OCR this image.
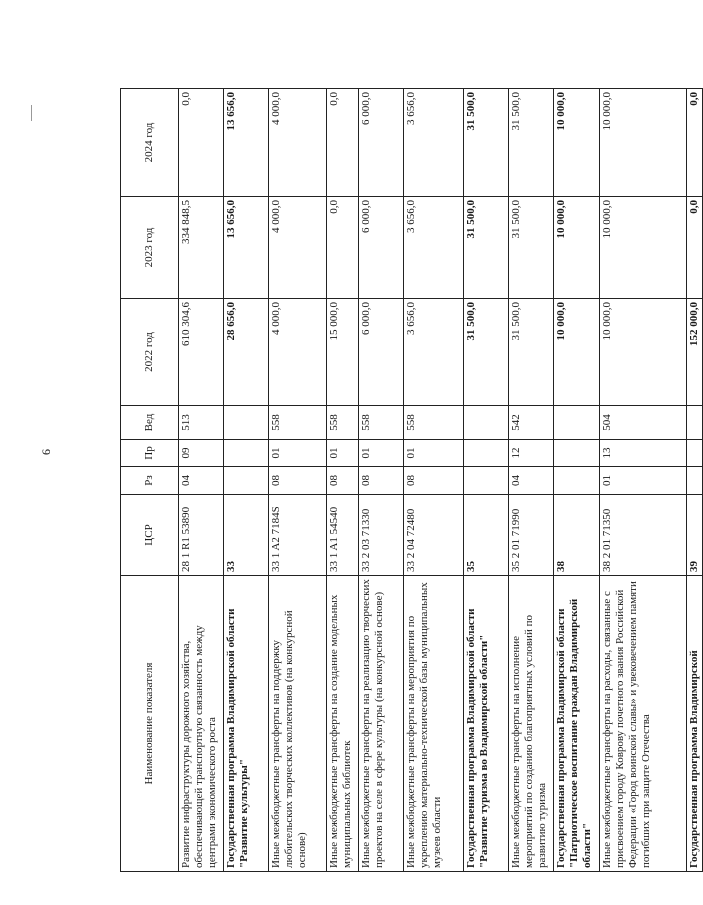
9
Наименование показателя	ЦСР	Рз	Пр	Вед	2022 год	2023 год	2024 год
Развитие инфраструктуры дорожного хозяйства, обеспечивающей транспортную связанность между центрами экономического роста	28 1 R1 53890	04	09	513	610 304,6	334 848,5	0,0
Государственная программа Владимирской области "Развитие культуры"	33				28 656,0	13 656,0	13 656,0
Иные межбюджетные трансферты на поддержку любительских творческих коллективов (на конкурсной основе)	33 1 A2 7184S	08	01	558	4 000,0	4 000,0	4 000,0
Иные межбюджетные трансферты на создание модельных муниципальных библиотек	33 1 A1 54540	08	01	558	15 000,0	0,0	0,0
Иные межбюджетные трансферты на реализацию творческих проектов на селе в сфере культуры (на конкурсной основе)	33 2 03 71330	08	01	558	6 000,0	6 000,0	6 000,0
Иные межбюджетные трансферты на мероприятия по укреплению материально-технической базы муниципальных музеев области	33 2 04 72480	08	01	558	3 656,0	3 656,0	3 656,0
Государственная программа Владимирской области "Развитие туризма во Владимирской области"	35				31 500,0	31 500,0	31 500,0
Иные межбюджетные трансферты на исполнение мероприятий по созданию благоприятных условий по развитию туризма	35 2 01 71990	04	12	542	31 500,0	31 500,0	31 500,0
Государственная программа Владимирской области "Патриотическое воспитание граждан Владимирской области"	38				10 000,0	10 000,0	10 000,0
Иные межбюджетные трансферты на расходы, связанные с присвоением городу Коврову почетного звания Российской Федерации «Город воинской славы» и увековечением памяти погибших при защите Отечества	38 2 01 71350	01	13	504	10 000,0	10 000,0	10 000,0
Государственная программа Владимирской	39				152 000,0	0,0	0,0
